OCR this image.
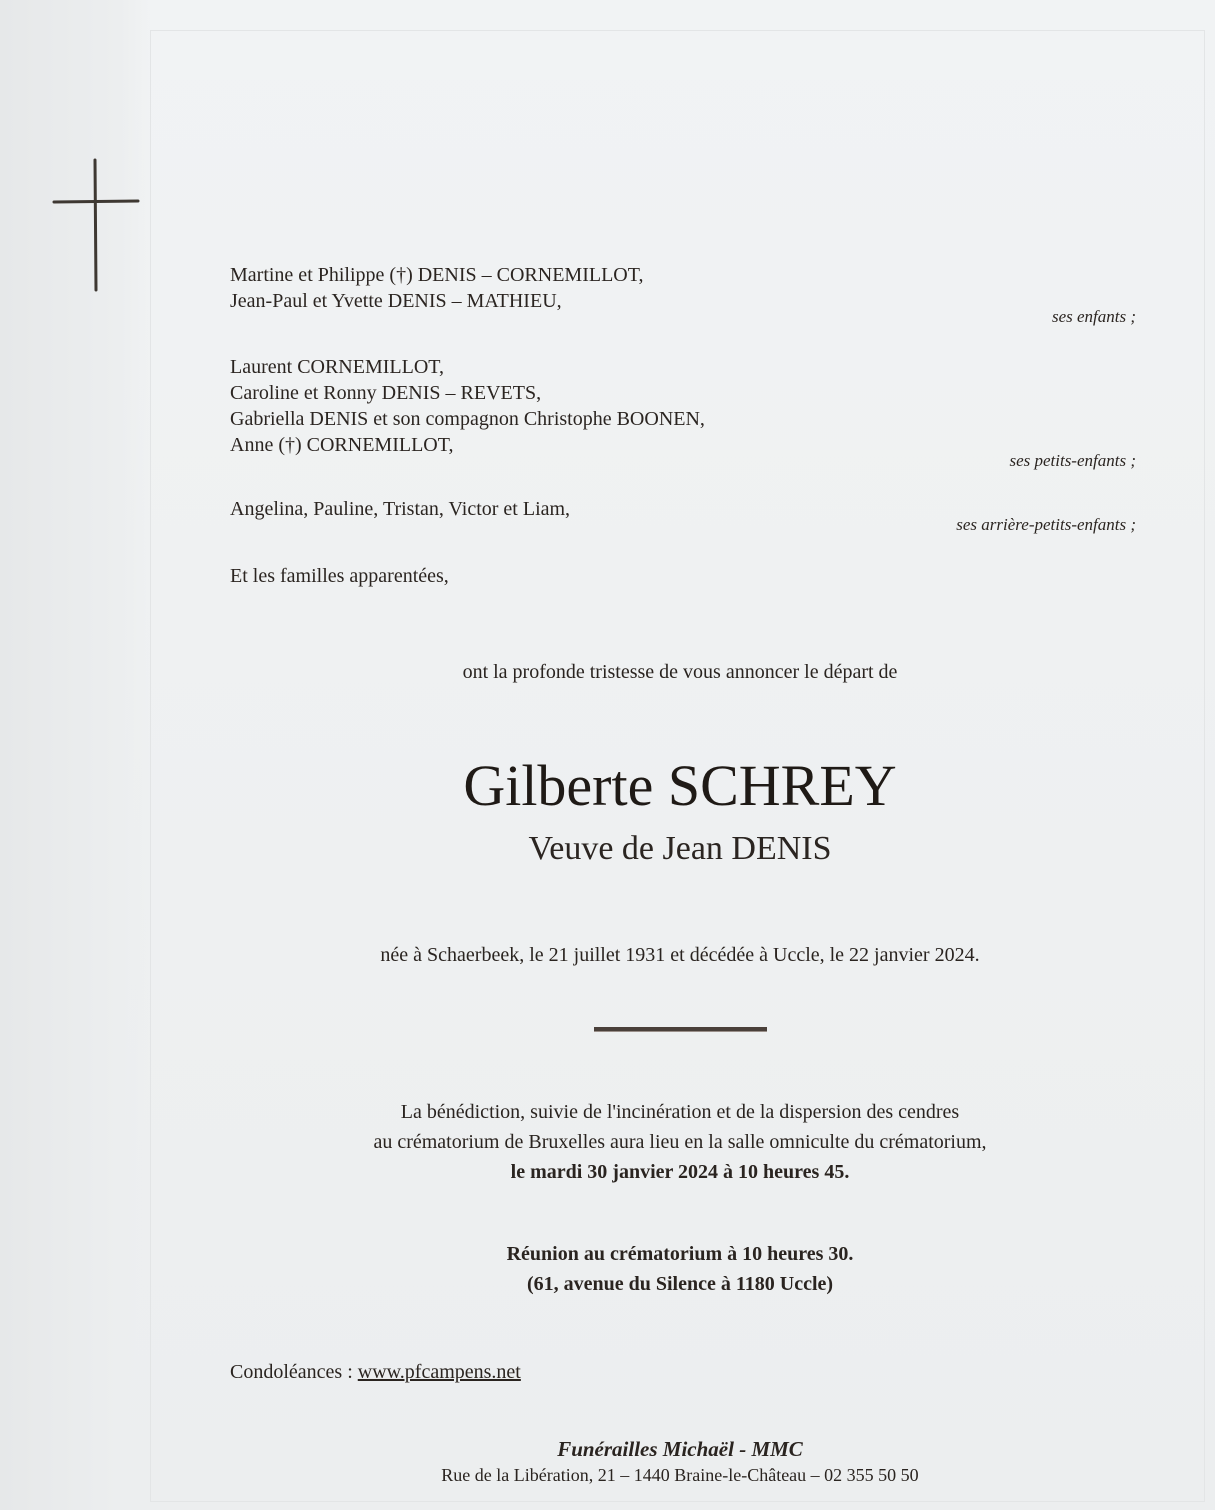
Martine et Philippe (†) DENIS – CORNEMILLOT,
Jean-Paul et Yvette DENIS – MATHIEU,
ses enfants ;
Laurent CORNEMILLOT,
Caroline et Ronny DENIS – REVETS,
Gabriella DENIS et son compagnon Christophe BOONEN,
Anne (†) CORNEMILLOT,
ses petits-enfants ;
Angelina, Pauline, Tristan, Victor et Liam,
ses arrière-petits-enfants ;
Et les familles apparentées,
ont la profonde tristesse de vous annoncer le départ de
Gilberte SCHREY
Veuve de Jean DENIS
née à Schaerbeek, le 21 juillet 1931 et décédée à Uccle, le 22 janvier 2024.
La bénédiction, suivie de l'incinération et de la dispersion des cendres
au crématorium de Bruxelles aura lieu en la salle omniculte du crématorium,
le mardi 30 janvier 2024 à 10 heures 45.
Réunion au crématorium à 10 heures 30.
(61, avenue du Silence à 1180 Uccle)
Condoléances : www.pfcampens.net
Funérailles Michaël - MMC
Rue de la Libération, 21 – 1440 Braine-le-Château – 02 355 50 50
